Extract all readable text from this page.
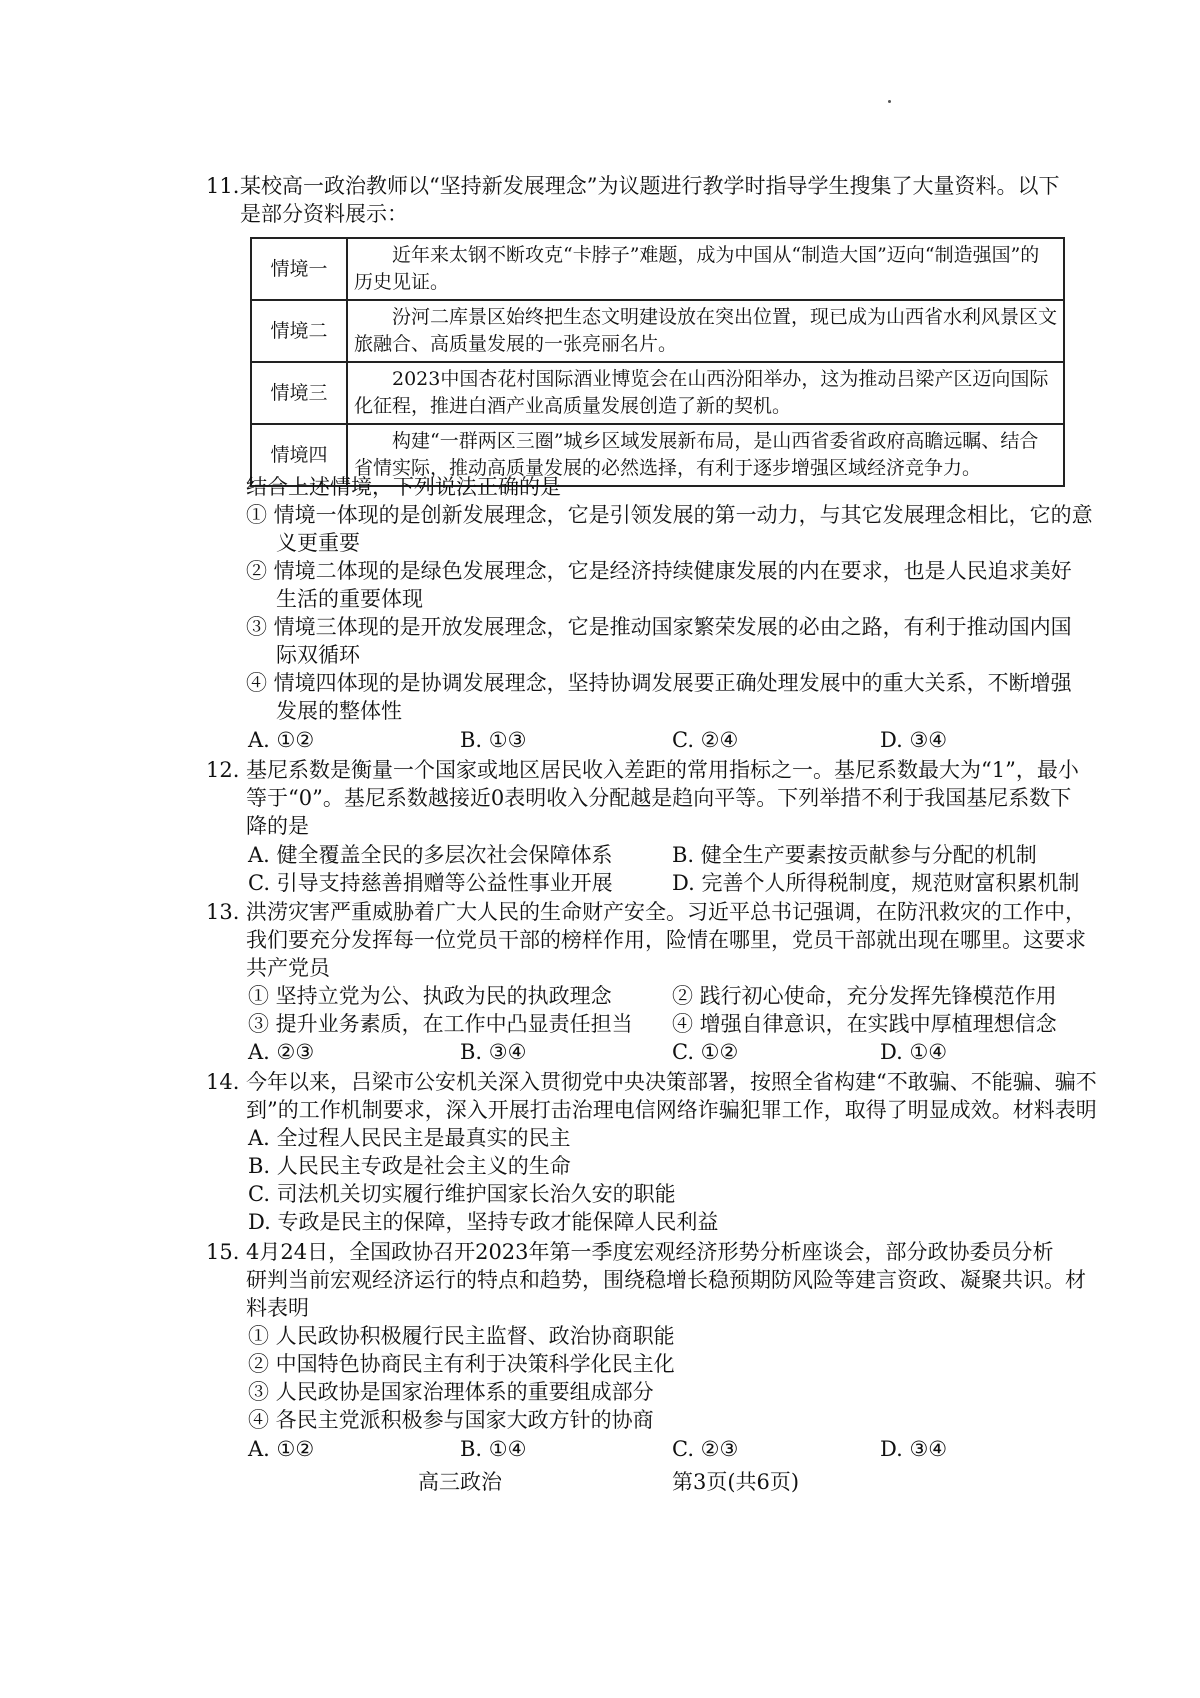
11. 某校高一政治教师以“坚持新发展理念”为议题进行教学时指导学生搜集了大量资料。以下
是部分资料展示：
情境一	近年来太钢不断攻克“卡脖子”难题，成为中国从“制造大国”迈向“制造强国”的历史见证。
情境二	汾河二库景区始终把生态文明建设放在突出位置，现已成为山西省水利风景区文旅融合、高质量发展的一张亮丽名片。
情境三	2023中国杏花村国际酒业博览会在山西汾阳举办，这为推动吕梁产区迈向国际化征程，推进白酒产业高质量发展创造了新的契机。
情境四	构建“一群两区三圈”城乡区域发展新布局，是山西省委省政府高瞻远瞩、结合省情实际，推动高质量发展的必然选择，有利于逐步增强区域经济竞争力。
结合上述情境，下列说法正确的是
① 情境一体现的是创新发展理念，它是引领发展的第一动力，与其它发展理念相比，它的意
义更重要
② 情境二体现的是绿色发展理念，它是经济持续健康发展的内在要求，也是人民追求美好
生活的重要体现
③ 情境三体现的是开放发展理念，它是推动国家繁荣发展的必由之路，有利于推动国内国
际双循环
④ 情境四体现的是协调发展理念，坚持协调发展要正确处理发展中的重大关系，不断增强
发展的整体性
A. ①②	B. ①③	C. ②④	D. ③④
12. 基尼系数是衡量一个国家或地区居民收入差距的常用指标之一。基尼系数最大为“1”，最小
等于“0”。基尼系数越接近0表明收入分配越是趋向平等。下列举措不利于我国基尼系数下
降的是
A. 健全覆盖全民的多层次社会保障体系	B. 健全生产要素按贡献参与分配的机制
C. 引导支持慈善捐赠等公益性事业开展	D. 完善个人所得税制度，规范财富积累机制
13. 洪涝灾害严重威胁着广大人民的生命财产安全。习近平总书记强调，在防汛救灾的工作中，
我们要充分发挥每一位党员干部的榜样作用，险情在哪里，党员干部就出现在哪里。这要求
共产党员
① 坚持立党为公、执政为民的执政理念	② 践行初心使命，充分发挥先锋模范作用
③ 提升业务素质，在工作中凸显责任担当 ④ 增强自律意识，在实践中厚植理想信念
A. ②③	B. ③④	C. ①②	D. ①④
14. 今年以来，吕梁市公安机关深入贯彻党中央决策部署，按照全省构建“不敢骗、不能骗、骗不
到”的工作机制要求，深入开展打击治理电信网络诈骗犯罪工作，取得了明显成效。材料表明
A. 全过程人民民主是最真实的民主
B. 人民民主专政是社会主义的生命
C. 司法机关切实履行维护国家长治久安的职能
D. 专政是民主的保障，坚持专政才能保障人民利益
15. 4月24日，全国政协召开2023年第一季度宏观经济形势分析座谈会，部分政协委员分析
研判当前宏观经济运行的特点和趋势，围绕稳增长稳预期防风险等建言资政、凝聚共识。材
料表明
① 人民政协积极履行民主监督、政治协商职能
② 中国特色协商民主有利于决策科学化民主化
③ 人民政协是国家治理体系的重要组成部分
④ 各民主党派积极参与国家大政方针的协商
A. ①②	B. ①④	C. ②③	D. ③④
高三政治	第3页(共6页)
